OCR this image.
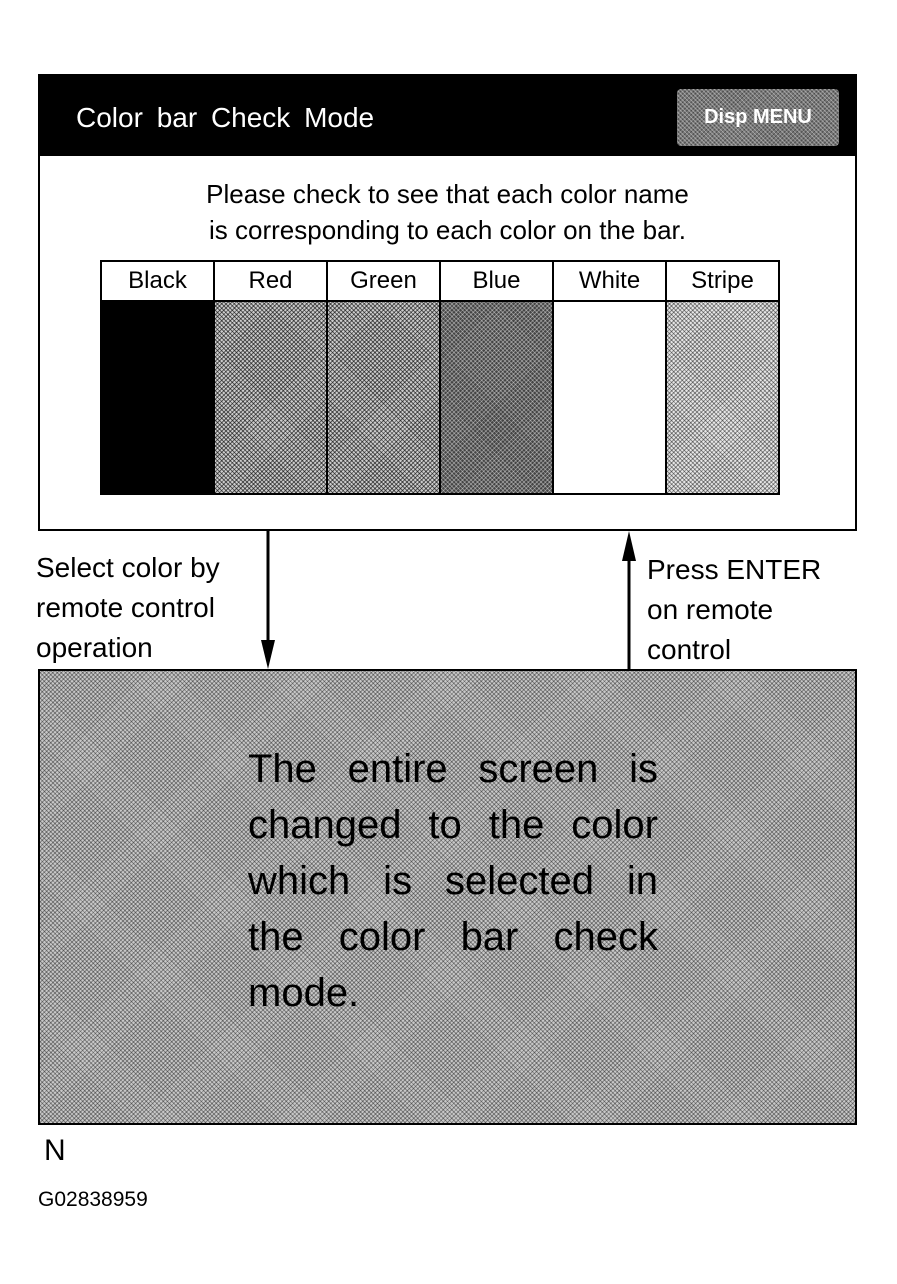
Color bar Check Mode	Disp MENU
Please check to see that each color name
is corresponding to each color on the bar.
Black	Red	Green	Blue	White	Stripe
Select color by
remote control
operation
Press ENTER
on remote
control
The entire screen is changed to the color which is selected in the color bar check mode.
N
G02838959
